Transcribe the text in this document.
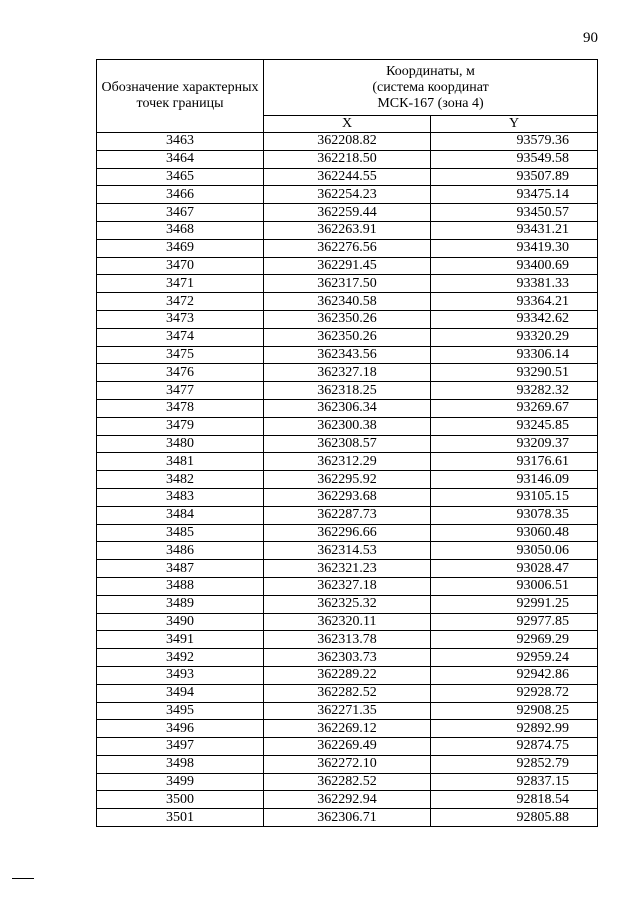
90
Обозначение характерных точек границы	Координаты, м
(система координат
МСК-167 (зона 4)	

	X	Y
3463	362208.82	93579.36
3464	362218.50	93549.58
3465	362244.55	93507.89
3466	362254.23	93475.14
3467	362259.44	93450.57
3468	362263.91	93431.21
3469	362276.56	93419.30
3470	362291.45	93400.69
3471	362317.50	93381.33
3472	362340.58	93364.21
3473	362350.26	93342.62
3474	362350.26	93320.29
3475	362343.56	93306.14
3476	362327.18	93290.51
3477	362318.25	93282.32
3478	362306.34	93269.67
3479	362300.38	93245.85
3480	362308.57	93209.37
3481	362312.29	93176.61
3482	362295.92	93146.09
3483	362293.68	93105.15
3484	362287.73	93078.35
3485	362296.66	93060.48
3486	362314.53	93050.06
3487	362321.23	93028.47
3488	362327.18	93006.51
3489	362325.32	92991.25
3490	362320.11	92977.85
3491	362313.78	92969.29
3492	362303.73	92959.24
3493	362289.22	92942.86
3494	362282.52	92928.72
3495	362271.35	92908.25
3496	362269.12	92892.99
3497	362269.49	92874.75
3498	362272.10	92852.79
3499	362282.52	92837.15
3500	362292.94	92818.54
3501	362306.71	92805.88
